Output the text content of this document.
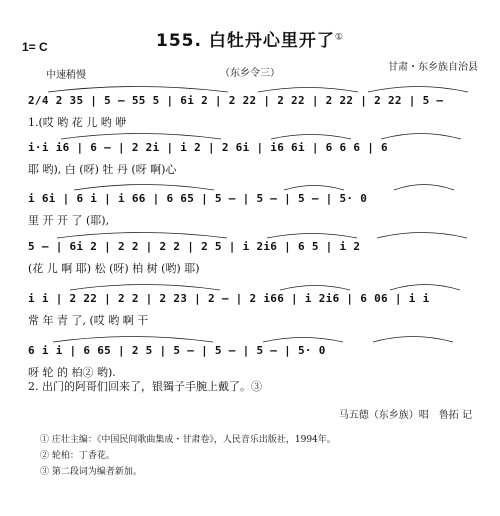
155. 白牡丹心里开了①
1= C
中速稍慢	（东乡令三）
甘肃・东乡族自治县
2/4 2 35 | 5 — 55 5 | 6i 2 | 2 22 | 2 22 | 2 22 | 2 22 | 5 —
1.(哎 哟 花 儿 哟 咿
i·i i6 | 6 — | 2 2i | i 2 | 2 6i | i6 6i | 6 6 6 | 6
耶 哟), 白 (呀) 牡 丹 (呀 啊)心
i 6i | 6 i | i 66 | 6 65 | 5 — | 5 — | 5 — | 5· 0
里 开 开 了 (耶),
5 — | 6i 2 | 2 2 | 2 2 | 2 5 | i 2i6 | 6 5 | i 2
(花 儿 啊 耶) 松 (呀) 柏 树 (哟) 耶)
i i | 2 22 | 2 2 | 2 23 | 2 — | 2 i66 | i 2i6 | 6 06 | i i
常 年 青 了, (哎 哟 啊 干
6 i i | 6 65 | 2 5 | 5 — | 5 — | 5 — | 5· 0
呀 轮 的 柏② 哟).
2. 出门的阿哥们回来了，银镯子手腕上戴了。③
马五德（东乡族）唱　鲁拓 记
① 庄壮主编：《中国民间歌曲集成・甘肃卷》，人民音乐出版社，1994年。
② 轮柏：丁香花。
③ 第二段词为编者新加。
